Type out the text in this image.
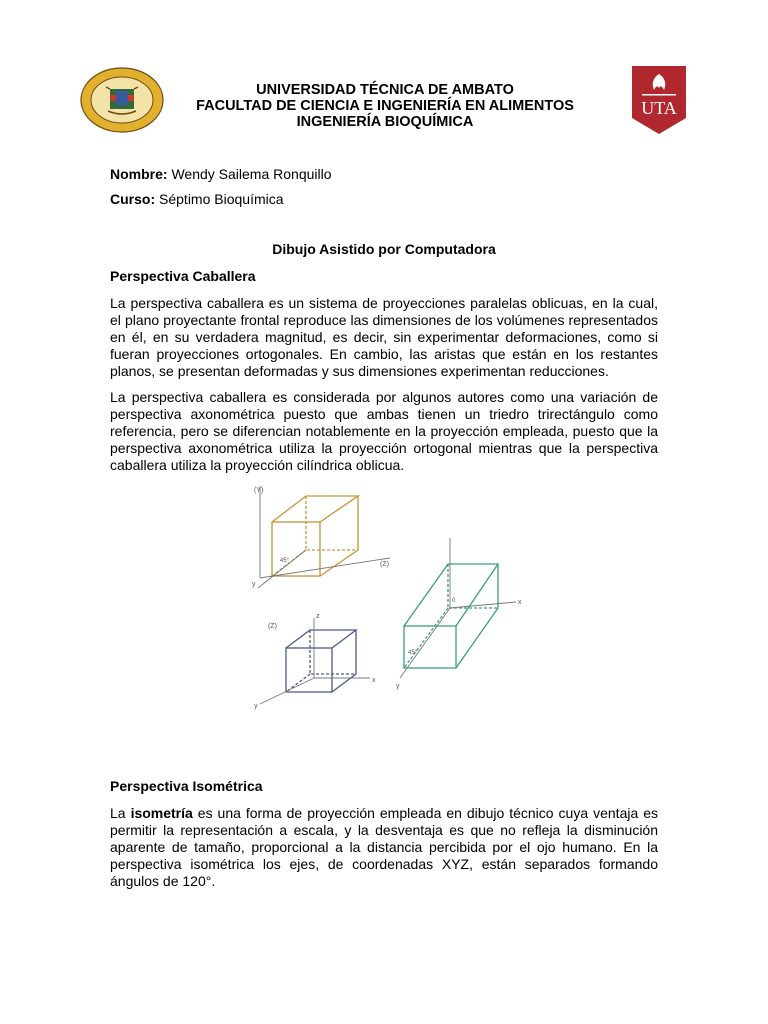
UTA
UNIVERSIDAD TÉCNICA DE AMBATO
FACULTAD DE CIENCIA E INGENIERÍA EN ALIMENTOS
INGENIERÍA BIOQUÍMICA
Nombre: Wendy Sailema Ronquillo
Curso: Séptimo Bioquímica
Dibujo Asistido por Computadora
Perspectiva Caballera

La perspectiva caballera es un sistema de proyecciones paralelas oblicuas, en la cual, el plano proyectante frontal reproduce las dimensiones de los volúmenes representados en él, en su verdadera magnitud, es decir, sin experimentar deformaciones, como si fueran proyecciones ortogonales. En cambio, las aristas que están en los restantes planos, se presentan deformadas y sus dimensiones experimentan reducciones.

La perspectiva caballera es considerada por algunos autores como una variación de perspectiva axonométrica puesto que ambas tienen un triedro trirectángulo como referencia, pero se diferencian notablemente en la proyección empleada, puesto que la perspectiva axonométrica utiliza la proyección ortogonal mientras que la perspectiva caballera utiliza la proyección cilíndrica oblicua.

(Y)
y
45°	(Z)
x
y
0
45°
(Z)
x
y
z
Perspectiva Isométrica

La isometría es una forma de proyección empleada en dibujo técnico cuya ventaja es permitir la representación a escala, y la desventaja es que no refleja la disminución aparente de tamaño, proporcional a la distancia percibida por el ojo humano. En la perspectiva isométrica los ejes, de coordenadas XYZ, están separados formando ángulos de 120°.
